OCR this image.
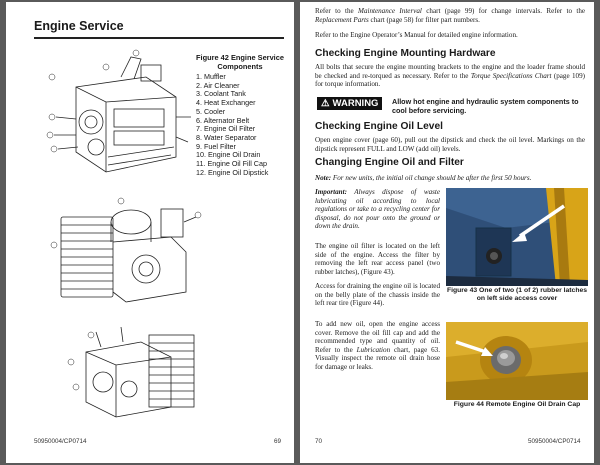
Engine Service
Figure 42 Engine Service Components
1. Muffler
2. Air Cleaner
3. Coolant Tank
4. Heat Exchanger
5. Cooler
6. Alternator Belt
7. Engine Oil Filter
8. Water Separator
9. Fuel Filter
10. Engine Oil Drain
11. Engine Oil Fill Cap
12. Engine Oil Dipstick
50950004/CP0714	69
Refer to the Maintenance Interval chart (page 99) for change intervals. Refer to the Replacement Parts chart (page 58) for filter part numbers.
Refer to the Engine Operator’s Manual for detailed engine information.
Checking Engine Mounting Hardware
All bolts that secure the engine mounting brackets to the engine and the loader frame should be checked and re-torqued as necessary. Refer to the Torque Specifications Chart (page 109) for torque information.
⚠ WARNING Allow hot engine and hydraulic system components to cool before servicing.
Checking Engine Oil Level
Open engine cover (page 60), pull out the dipstick and check the oil level. Markings on the dipstick represent FULL and LOW (add oil) levels.
Changing Engine Oil and Filter
Note: For new units, the initial oil change should be after the first 50 hours.
Important: Always dispose of waste lubricating oil according to local regulations or take to a recycling center for disposal, do not pour onto the ground or down the drain.
The engine oil filter is located on the left side of the engine. Access the filter by removing the left rear access panel (two rubber latches), (Figure 43).
Access for draining the engine oil is located on the belly plate of the chassis inside the left rear tire (Figure 44).
To add new oil, open the engine access cover. Remove the oil fill cap and add the recommended type and quantity of oil. Refer to the Lubrication chart, page 63. Visually inspect the remote oil drain hose for damage or leaks.
Figure 43 One of two (1 of 2) rubber latches on left side access cover
Figure 44 Remote Engine Oil Drain Cap
70	50950004/CP0714
